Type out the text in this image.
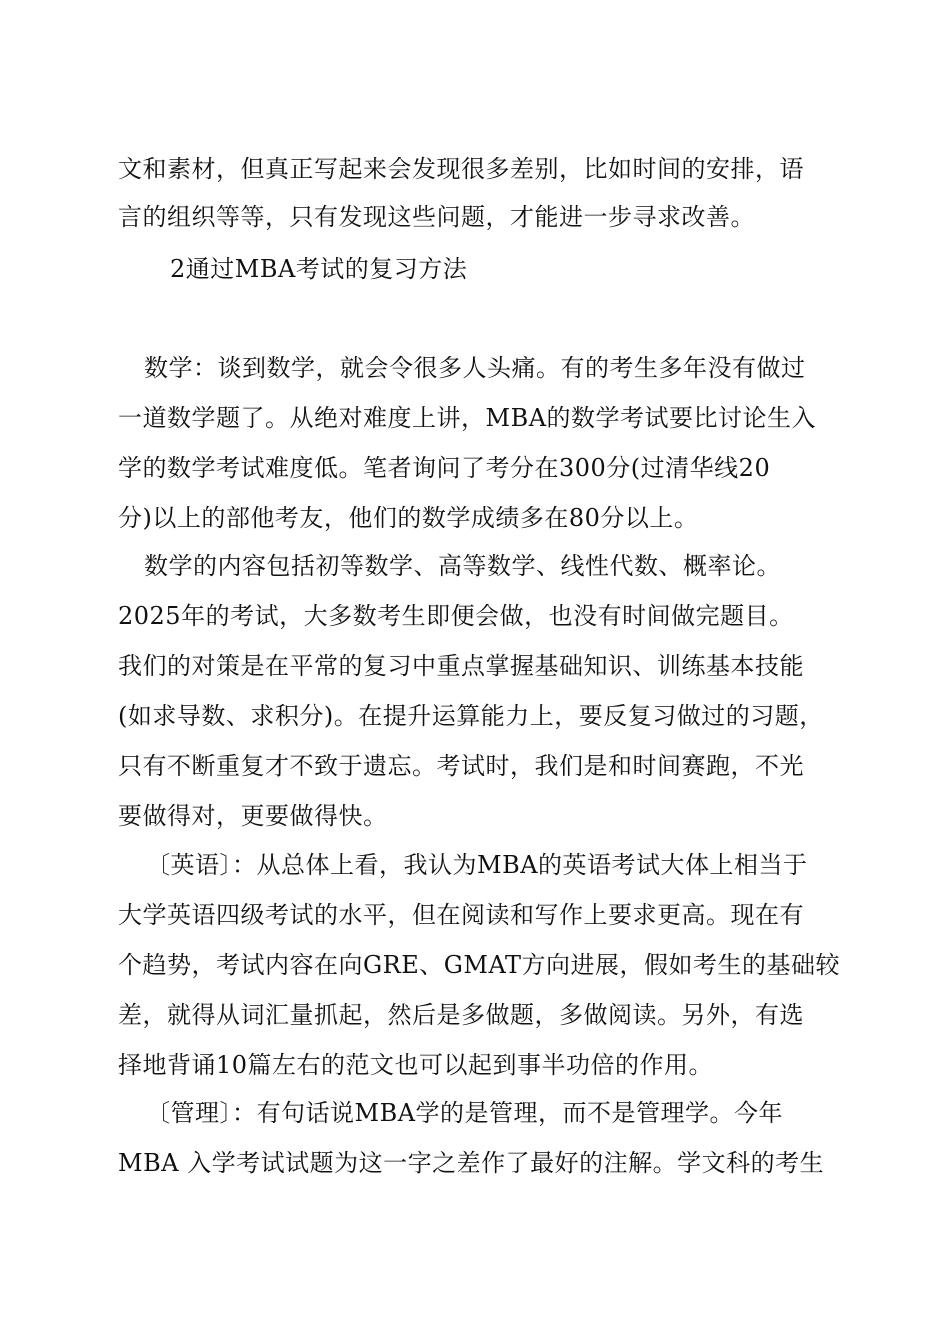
文和素材，但真正写起来会发现很多差别，比如时间的安排，语
言的组织等等，只有发现这些问题，才能进一步寻求改善。
2通过MBA考试的复习方法
数学：谈到数学，就会令很多人头痛。有的考生多年没有做过
一道数学题了。从绝对难度上讲，MBA的数学考试要比讨论生入
学的数学考试难度低。笔者询问了考分在300分(过清华线20
分)以上的部他考友，他们的数学成绩多在80分以上。
数学的内容包括初等数学、高等数学、线性代数、概率论。
2025年的考试，大多数考生即便会做，也没有时间做完题目。
我们的对策是在平常的复习中重点掌握基础知识、训练基本技能
(如求导数、求积分)。在提升运算能力上，要反复习做过的习题，
只有不断重复才不致于遗忘。考试时，我们是和时间赛跑，不光
要做得对，更要做得快。
〔英语〕：从总体上看，我认为MBA的英语考试大体上相当于
大学英语四级考试的水平，但在阅读和写作上要求更高。现在有
个趋势，考试内容在向GRE、GMAT方向进展，假如考生的基础较
差，就得从词汇量抓起，然后是多做题，多做阅读。另外，有选
择地背诵10篇左右的范文也可以起到事半功倍的作用。
〔管理〕：有句话说MBA学的是管理，而不是管理学。今年
MBA 入学考试试题为这一字之差作了最好的注解。学文科的考生
